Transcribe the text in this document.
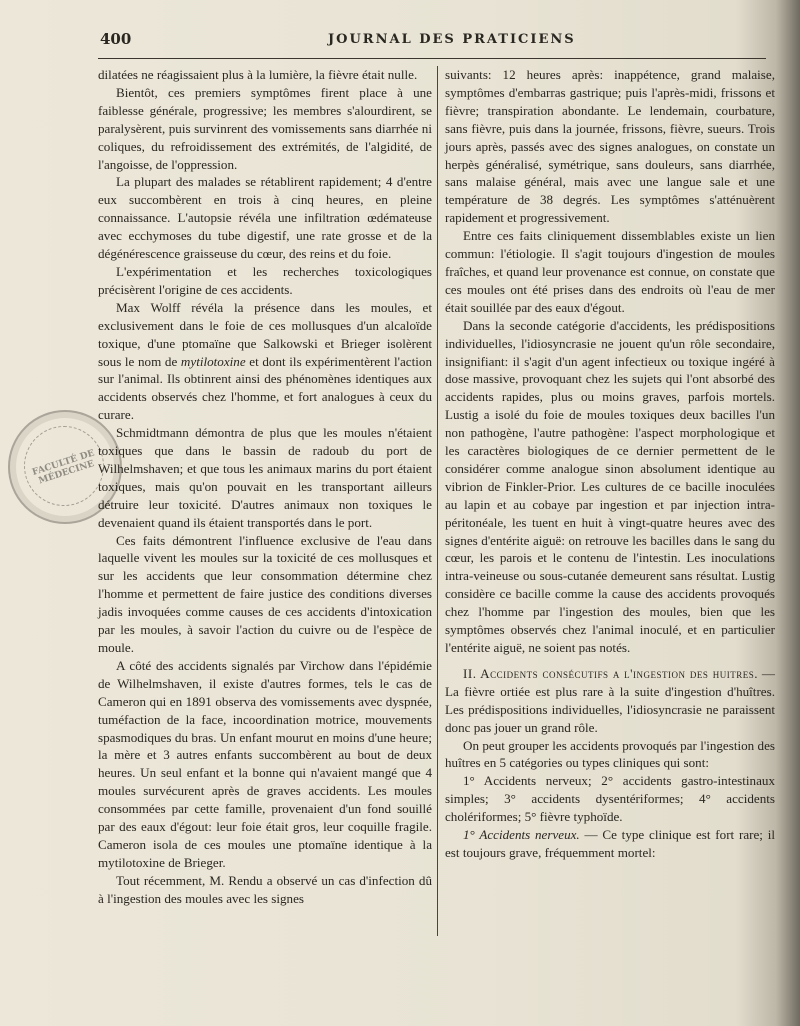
400	JOURNAL DES PRATICIENS
FACULTÉ DE MÉDECINE

dilatées ne réagissaient plus à la lumière, la fièvre était nulle.

Bientôt, ces premiers symptômes firent place à une faiblesse générale, progressive; les membres s'alourdirent, se paralysèrent, puis survinrent des vomissements sans diarrhée ni coliques, du refroidissement des extrémités, de l'algidité, de l'angoisse, de l'oppression.

La plupart des malades se rétablirent rapidement; 4 d'entre eux succombèrent en trois à cinq heures, en pleine connaissance. L'autopsie révéla une infiltration œdémateuse avec ecchymoses du tube digestif, une rate grosse et de la dégénérescence graisseuse du cœur, des reins et du foie.

L'expérimentation et les recherches toxicologiques précisèrent l'origine de ces accidents.

Max Wolff révéla la présence dans les moules, et exclusivement dans le foie de ces mollusques d'un alcaloïde toxique, d'une ptomaïne que Salkowski et Brieger isolèrent sous le nom de mytilotoxine et dont ils expérimentèrent l'action sur l'animal. Ils obtinrent ainsi des phénomènes identiques aux accidents observés chez l'homme, et fort analogues à ceux du curare.

Schmidtmann démontra de plus que les moules n'étaient toxiques que dans le bassin de radoub du port de Wilhelmshaven; et que tous les animaux marins du port étaient toxiques, mais qu'on pouvait en les transportant ailleurs détruire leur toxicité. D'autres animaux non toxiques le devenaient quand ils étaient transportés dans le port.

Ces faits démontrent l'influence exclusive de l'eau dans laquelle vivent les moules sur la toxicité de ces mollusques et sur les accidents que leur consommation détermine chez l'homme et permettent de faire justice des conditions diverses jadis invoquées comme causes de ces accidents d'intoxication par les moules, à savoir l'action du cuivre ou de l'espèce de moule.

A côté des accidents signalés par Virchow dans l'épidémie de Wilhelmshaven, il existe d'autres formes, tels le cas de Cameron qui en 1891 observa des vomissements avec dyspnée, tuméfaction de la face, incoordination motrice, mouvements spasmodiques du bras. Un enfant mourut en moins d'une heure; la mère et 3 autres enfants succombèrent au bout de deux heures. Un seul enfant et la bonne qui n'avaient mangé que 4 moules survécurent après de graves accidents. Les moules consommées par cette famille, provenaient d'un fond souillé par des eaux d'égout: leur foie était gros, leur coquille fragile. Cameron isola de ces moules une ptomaïne identique à la mytilotoxine de Brieger.

Tout récemment, M. Rendu a observé un cas d'infection dû à l'ingestion des moules avec les signes

suivants: 12 heures après: inappétence, grand malaise, symptômes d'embarras gastrique; puis l'après-midi, frissons et fièvre; transpiration abondante. Le lendemain, courbature, sans fièvre, puis dans la journée, frissons, fièvre, sueurs. Trois jours après, passés avec des signes analogues, on constate un herpès généralisé, symétrique, sans douleurs, sans diarrhée, sans malaise général, mais avec une langue sale et une température de 38 degrés. Les symptômes s'atténuèrent rapidement et progressivement.

Entre ces faits cliniquement dissemblables existe un lien commun: l'étiologie. Il s'agit toujours d'ingestion de moules fraîches, et quand leur provenance est connue, on constate que ces moules ont été prises dans des endroits où l'eau de mer était souillée par des eaux d'égout.

Dans la seconde catégorie d'accidents, les prédispositions individuelles, l'idiosyncrasie ne jouent qu'un rôle secondaire, insignifiant: il s'agit d'un agent infectieux ou toxique ingéré à dose massive, provoquant chez les sujets qui l'ont absorbé des accidents rapides, plus ou moins graves, parfois mortels. Lustig a isolé du foie de moules toxiques deux bacilles l'un non pathogène, l'autre pathogène: l'aspect morphologique et les caractères biologiques de ce dernier permettent de le considérer comme analogue sinon absolument identique au vibrion de Finkler-Prior. Les cultures de ce bacille inoculées au lapin et au cobaye par ingestion et par injection intra-péritonéale, les tuent en huit à vingt-quatre heures avec des signes d'entérite aiguë: on retrouve les bacilles dans le sang du cœur, les parois et le contenu de l'intestin. Les inoculations intra-veineuse ou sous-cutanée demeurent sans résultat. Lustig considère ce bacille comme la cause des accidents provoqués chez l'homme par l'ingestion des moules, bien que les symptômes observés chez l'animal inoculé, et en particulier l'entérite aiguë, ne soient pas notés.

II. Accidents consécutifs a l'ingestion des huitres. — La fièvre ortiée est plus rare à la suite d'ingestion d'huîtres. Les prédispositions individuelles, l'idiosyncrasie ne paraissent donc pas jouer un grand rôle.

On peut grouper les accidents provoqués par l'ingestion des huîtres en 5 catégories ou types cliniques qui sont:

1° Accidents nerveux; 2° accidents gastro-intestinaux simples; 3° accidents dysentériformes; 4° accidents cholériformes; 5° fièvre typhoïde.

1° Accidents nerveux. — Ce type clinique est fort rare; il est toujours grave, fréquemment mortel:
